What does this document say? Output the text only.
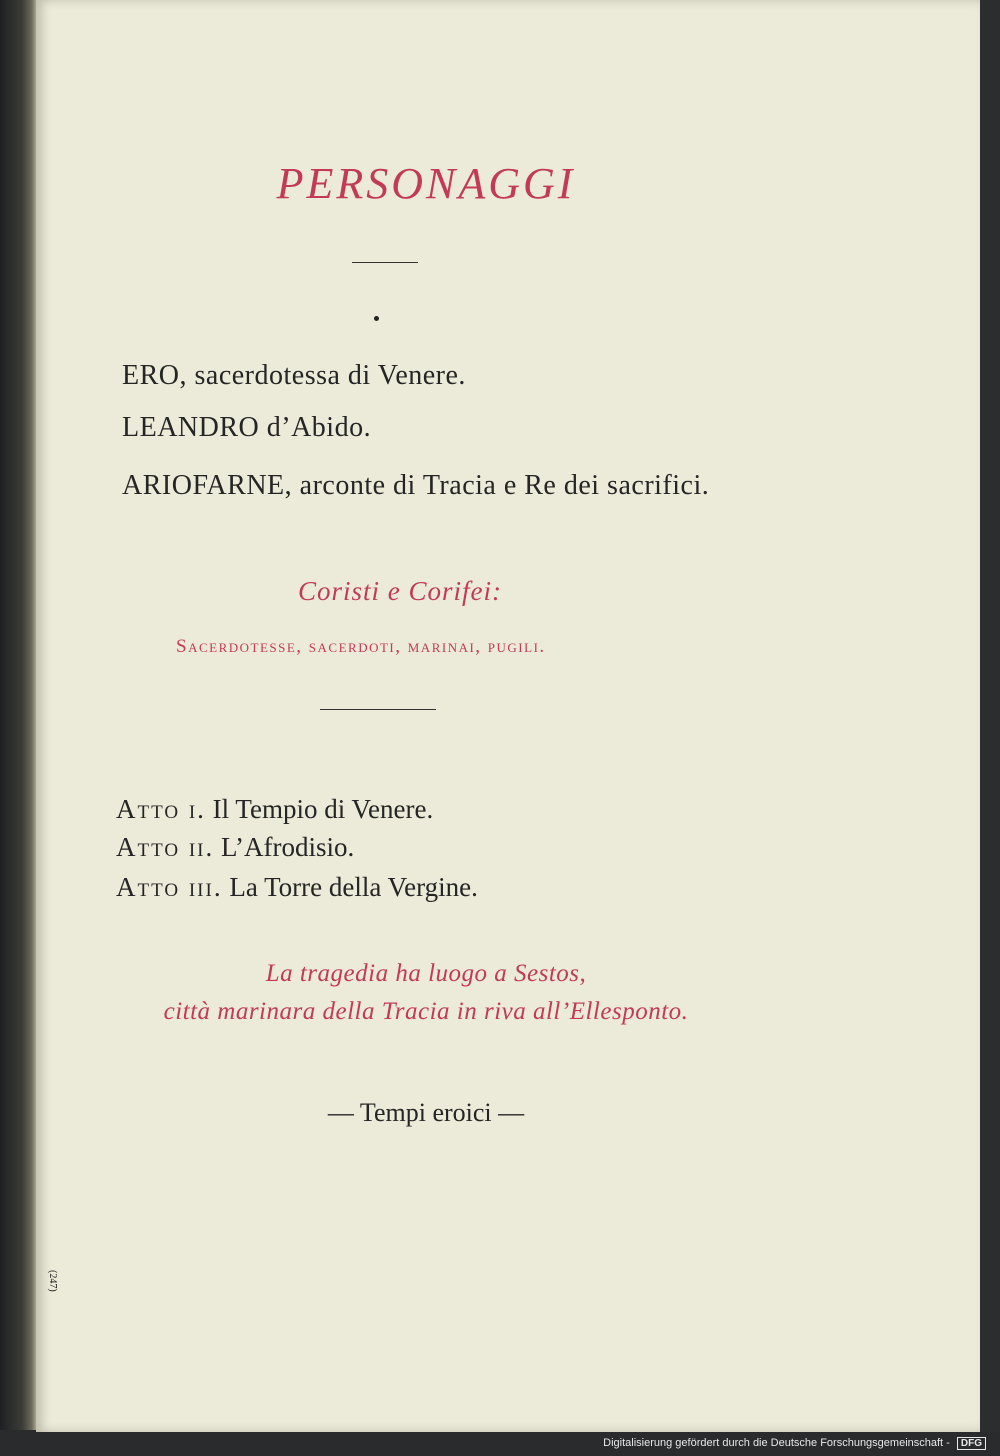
(247)
PERSONAGGI
ERO, sacerdotessa di Venere.
LEANDRO d’Abido.
ARIOFARNE, arconte di Tracia e Re dei sacrifici.
Coristi e Corifei:
Sacerdotesse, sacerdoti, marinai, pugili.
Atto i. Il Tempio di Venere.
Atto ii. L’Afrodisio.
Atto iii. La Torre della Vergine.
La tragedia ha luogo a Sestos,
città marinara della Tracia in riva all’Ellesponto.
— Tempi eroici —
Digitalisierung gefördert durch die Deutsche Forschungsgemeinschaft - DFG
